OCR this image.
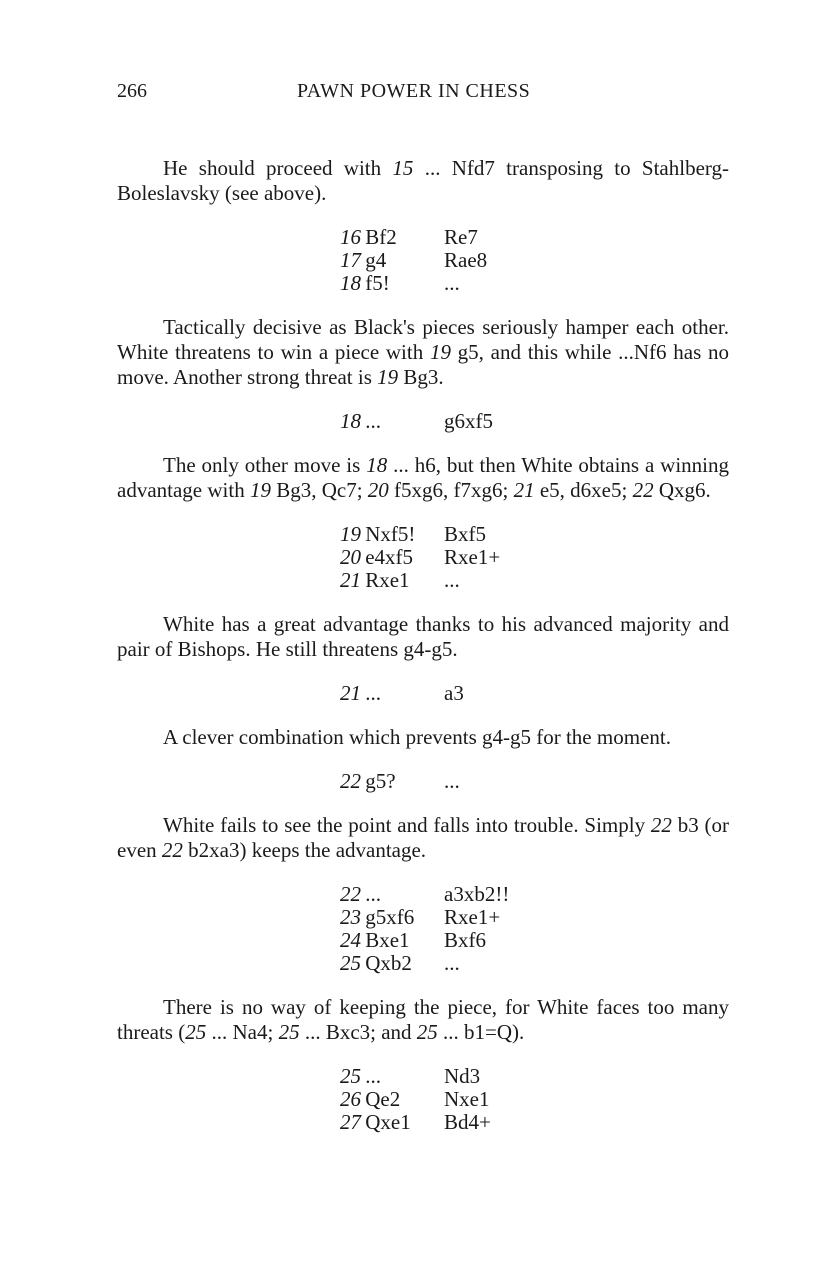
266	PAWN POWER IN CHESS

He should proceed with 15 ... Nfd7 transposing to Stahlberg-Boleslavsky (see above).

16  Bf2	Re7
17  g4	Rae8
18  f5!	...

Tactically decisive as Black's pieces seriously hamper each other. White threatens to win a piece with 19 g5, and this while ...Nf6 has no move. Another strong threat is 19 Bg3.

18  ...	g6xf5

The only other move is 18 ... h6, but then White obtains a winning advantage with 19 Bg3, Qc7; 20 f5xg6, f7xg6; 21 e5, d6xe5; 22 Qxg6.

19  Nxf5!	Bxf5
20  e4xf5	Rxe1+
21  Rxe1	...

White has a great advantage thanks to his advanced majority and pair of Bishops. He still threatens g4-g5.

21  ...	a3

A clever combination which prevents g4-g5 for the moment.

22  g5?	...

White fails to see the point and falls into trouble. Simply 22 b3 (or even 22 b2xa3) keeps the advantage.

22  ...	a3xb2!!
23  g5xf6	Rxe1+
24  Bxe1	Bxf6
25  Qxb2	...

There is no way of keeping the piece, for White faces too many threats (25 ... Na4; 25 ... Bxc3; and 25 ... b1=Q).

25  ...	Nd3
26  Qe2	Nxe1
27  Qxe1	Bd4+
